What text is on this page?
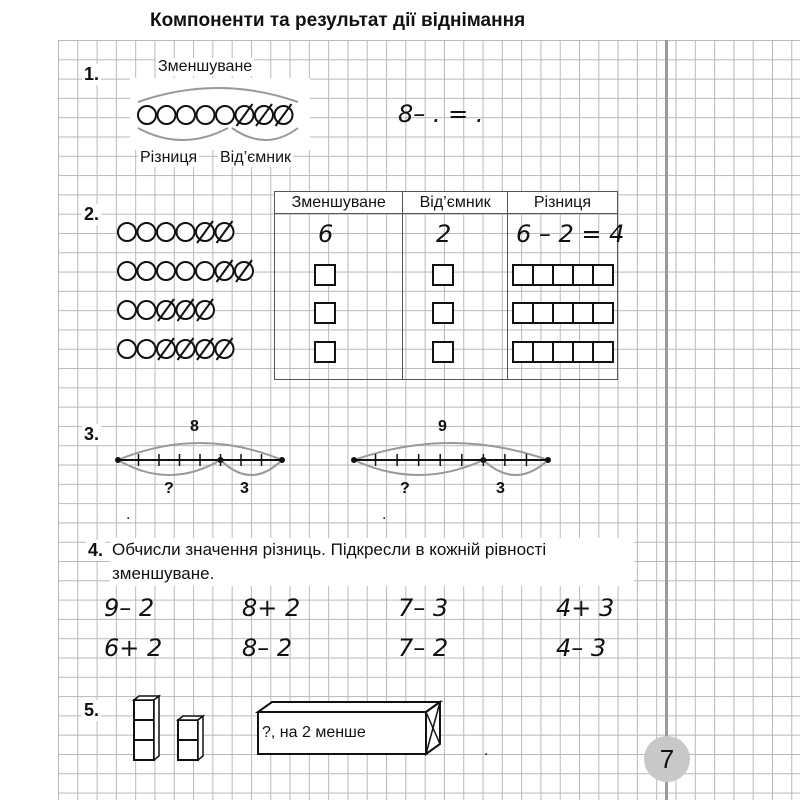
Компоненти та результат дії віднімання
1.	Зменшуване
Різниця Від’ємник
8– . = .
2.
Зменшуване	Від’ємник	Різниця

6	2	6 – 2 = 4
3.	8
?	3
.
9
?	3
.
4. Обчисли значення різниць. Підкресли в кожній рівності
зменшуване.
9– 2	8+ 2	7– 3	4+ 3
6+ 2	8– 2	7– 2	4– 3
5.
?, на 2 менше
.	7
